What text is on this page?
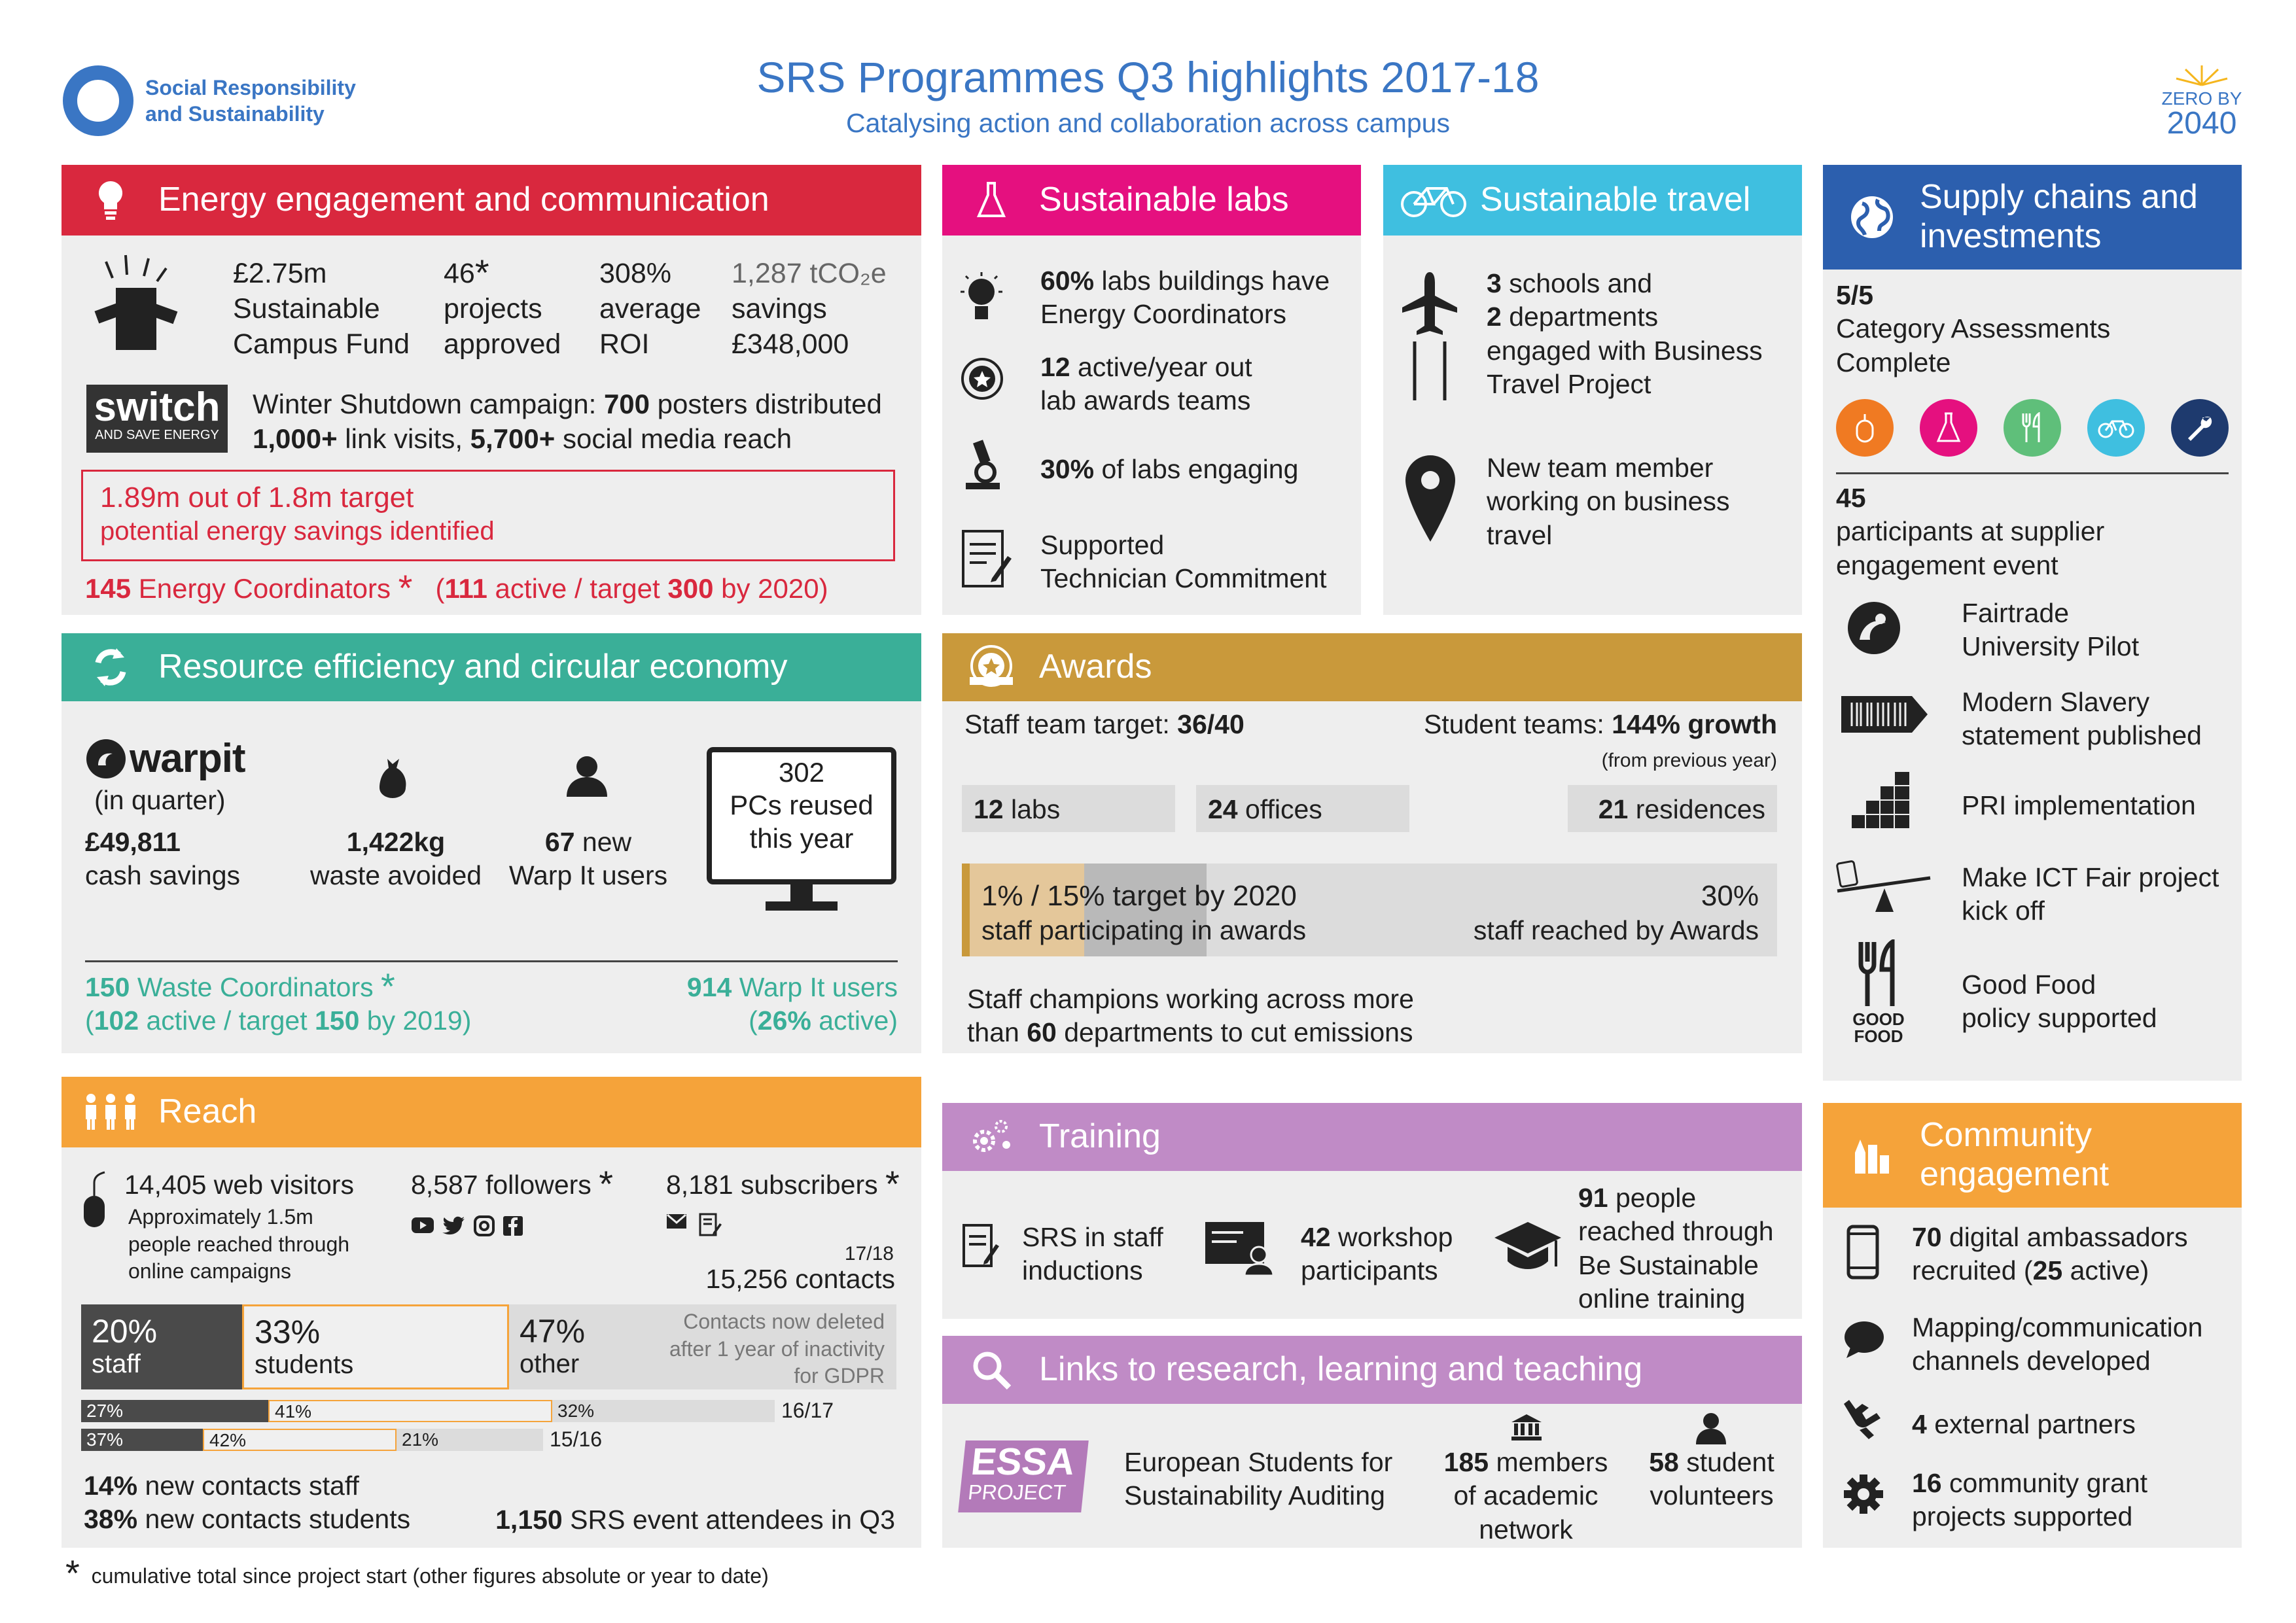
Social Responsibility
and Sustainability
SRS Programmes Q3 highlights 2017-18
Catalysing action and collaboration across campus
ZERO BY
2040
Energy engagement and communication
£2.75m
Sustainable
Campus Fund
46*
projects
approved
308%
average
ROI
1,287 tCO₂e
savings
£348,000
switch
AND SAVE ENERGY
Winter Shutdown campaign: 700 posters distributed
1,000+ link visits, 5,700+ social media reach
1.89m out of 1.8m target
potential energy savings identified
145 Energy Coordinators * (111 active / target 300 by 2020)
Sustainable labs
60% labs buildings have
Energy Coordinators
12 active/year out
lab awards teams
30% of labs engaging
Supported
Technician Commitment
Sustainable travel
3 schools and
2 departments
engaged with Business
Travel Project
New team member
working on business
travel
Supply chains and
investments
5/5
Category Assessments
Complete
45
participants at supplier
engagement event
Fairtrade
University Pilot
Modern Slavery
statement published
PRI implementation
Make ICT Fair project
kick off
GOOD
FOOD
Good Food
policy supported
Resource efficiency and circular economy
warpit
(in quarter)
£49,811
cash savings
1,422kg
waste avoided
67 new
Warp It users
302
PCs reused
this year
150 Waste Coordinators *
(102 active / target 150 by 2019)
914 Warp It users
(26% active)
Awards
Staff team target: 36/40	Student teams: 144% growth
(from previous year)
12 labs	24 offices	21 residences
1% / 15% target by 2020
staff participating in awards
30%
staff reached by Awards
Staff champions working across more
than 60 departments to cut emissions
Reach
14,405 web visitors
Approximately 1.5m
people reached through
online campaigns
8,587 followers * 8,181 subscribers *
17/18
15,256 contacts
20%
staff
33%
students
47%
other
Contacts now deleted
after 1 year of inactivity
for GDPR
27%	41%	32%	16/17
37%	42%	21%	15/16
14% new contacts staff
38% new contacts students	1,150 SRS event attendees in Q3
Training
SRS in staff
inductions
42 workshop
participants
91 people
reached through
Be Sustainable
online training
Links to research, learning and teaching
ESSA
PROJECT
European Students for
Sustainability Auditing
185 members
of academic
network
58 student
volunteers
Community
engagement
70 digital ambassadors
recruited (25 active)
Mapping/communication
channels developed
4 external partners
16 community grant
projects supported
* cumulative total since project start (other figures absolute or year to date)
